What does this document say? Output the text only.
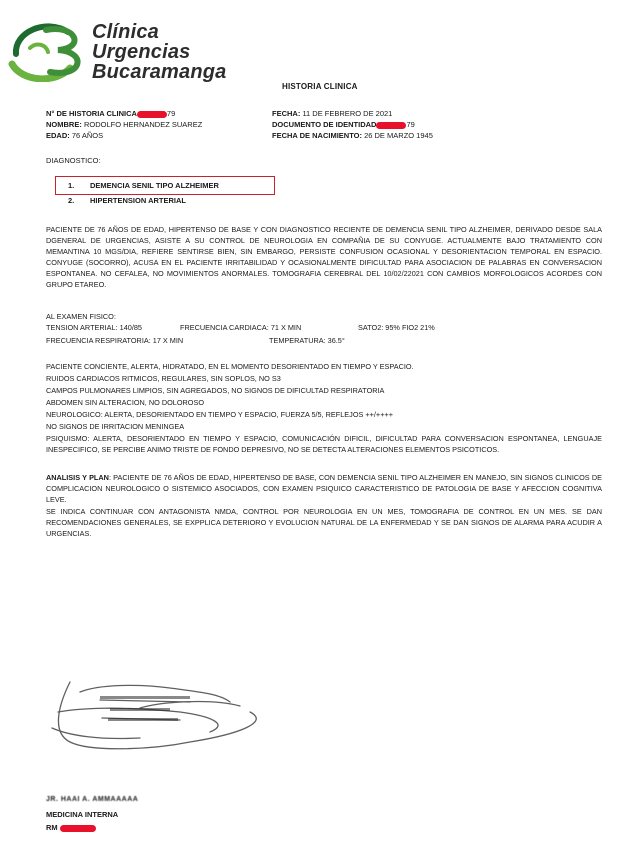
Clínica
Urgencias
Bucaramanga
HISTORIA CLINICA
N° DE HISTORIA CLINICA	79
NOMBRE: RODOLFO HERNANDEZ SUAREZ
EDAD: 76 AÑOS
FECHA: 11 DE FEBRERO DE 2021
DOCUMENTO DE IDENTIDAD	79
FECHA DE NACIMIENTO: 26 DE MARZO 1945
DIAGNOSTICO:
1. DEMENCIA SENIL TIPO ALZHEIMER
2. HIPERTENSION ARTERIAL

PACIENTE DE 76 AÑOS DE EDAD, HIPERTENSO DE BASE Y CON DIAGNOSTICO RECIENTE DE DEMENCIA SENIL TIPO ALZHEIMER, DERIVADO DESDE SALA DGENERAL DE URGENCIAS, ASISTE A SU CONTROL DE NEUROLOGIA EN COMPAÑIA DE SU CONYUGE. ACTUALMENTE BAJO TRATAMIENTO CON MEMANTINA 10 MGS/DIA, REFIERE SENTIRSE BIEN, SIN EMBARGO, PERSISTE CONFUSION OCASIONAL Y DESORIENTACION TEMPORAL EN ESPACIO. CONYUGE (SOCORRO), ACUSA EN EL PACIENTE IRRITABILIDAD Y OCASIONALMENTE DIFICULTAD PARA ASOCIACION DE PALABRAS EN CONVERSACION ESPONTANEA. NO CEFALEA, NO MOVIMIENTOS ANORMALES. TOMOGRAFIA CEREBRAL DEL 10/02/22021 CON CAMBIOS MORFOLOGICOS ACORDES CON GRUPO ETAREO.

AL EXAMEN FISICO:
TENSION ARTERIAL: 140/85	FRECUENCIA CARDIACA: 71 X MIN	SATO2: 95% FIO2 21%
FRECUENCIA RESPIRATORIA: 17 X MIN	TEMPERATURA: 36.5°
PACIENTE CONCIENTE, ALERTA, HIDRATADO, EN EL MOMENTO DESORIENTADO EN TIEMPO Y ESPACIO.
RUIDOS CARDIACOS RITMICOS, REGULARES, SIN SOPLOS, NO S3
CAMPOS PULMONARES LIMPIOS, SIN AGREGADOS, NO SIGNOS DE DIFICULTAD RESPIRATORIA
ABDOMEN SIN ALTERACION, NO DOLOROSO
NEUROLOGICO: ALERTA, DESORIENTADO EN TIEMPO Y ESPACIO, FUERZA 5/5, REFLEJOS ++/++++
NO SIGNOS DE IRRITACION MENINGEA

PSIQUISMO: ALERTA, DESORIENTADO EN TIEMPO Y ESPACIO, COMUNICACIÓN DIFICIL, DIFICULTAD PARA CONVERSACION ESPONTANEA, LENGUAJE INESPECIFICO, SE PERCIBE ANIMO TRISTE DE FONDO DEPRESIVO, NO SE DETECTA ALTERACIONES ELEMENTOS PSICOTICOS.

ANALISIS Y PLAN: PACIENTE DE 76 AÑOS DE EDAD, HIPERTENSO DE BASE, CON DEMENCIA SENIL TIPO ALZHEIMER EN MANEJO, SIN SIGNOS CLINICOS DE COMPLICACION NEUROLOGICO O SISTEMICO ASOCIADOS, CON EXAMEN PSIQUICO CARACTERISTICO DE PATOLOGIA DE BASE Y AFECCION COGNITIVA LEVE.

SE INDICA CONTINUAR CON ANTAGONISTA NMDA, CONTROL POR NEUROLOGIA EN UN MES, TOMOGRAFIA DE CONTROL EN UN MES. SE DAN RECOMENDACIONES GENERALES, SE EXPPLICA DETERIORO Y EVOLUCION NATURAL DE LA ENFERMEDAD Y SE DAN SIGNOS DE ALARMA PARA ACUDIR A URGENCIAS.

JR. HAAI A. AMMAAAAA
MEDICINA INTERNA
RM
